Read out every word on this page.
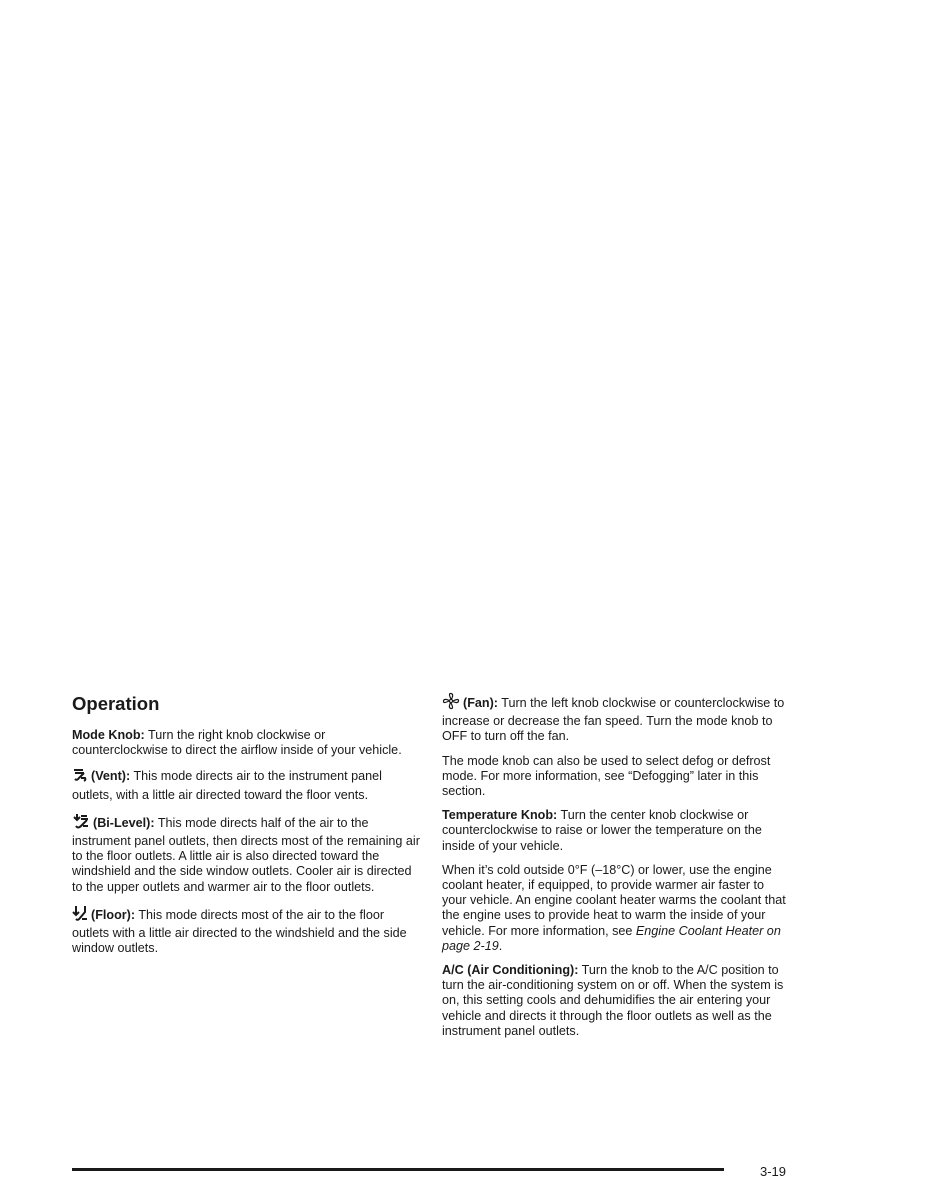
Operation

Mode Knob: Turn the right knob clockwise or counterclockwise to direct the airflow inside of your vehicle.

(Vent): This mode directs air to the instrument panel outlets, with a little air directed toward the floor vents.

(Bi-Level): This mode directs half of the air to the instrument panel outlets, then directs most of the remaining air to the floor outlets. A little air is also directed toward the windshield and the side window outlets. Cooler air is directed to the upper outlets and warmer air to the floor outlets.

(Floor): This mode directs most of the air to the floor outlets with a little air directed to the windshield and the side window outlets.

(Fan): Turn the left knob clockwise or counterclockwise to increase or decrease the fan speed. Turn the mode knob to OFF to turn off the fan.

The mode knob can also be used to select defog or defrost mode. For more information, see “Defogging” later in this section.

Temperature Knob: Turn the center knob clockwise or counterclockwise to raise or lower the temperature on the inside of your vehicle.

When it’s cold outside 0°F (–18°C) or lower, use the engine coolant heater, if equipped, to provide warmer air faster to your vehicle. An engine coolant heater warms the coolant that the engine uses to provide heat to warm the inside of your vehicle. For more information, see Engine Coolant Heater on page 2-19.

A/C (Air Conditioning): Turn the knob to the A/C position to turn the air-conditioning system on or off. When the system is on, this setting cools and dehumidifies the air entering your vehicle and directs it through the floor outlets as well as the instrument panel outlets.

3-19
